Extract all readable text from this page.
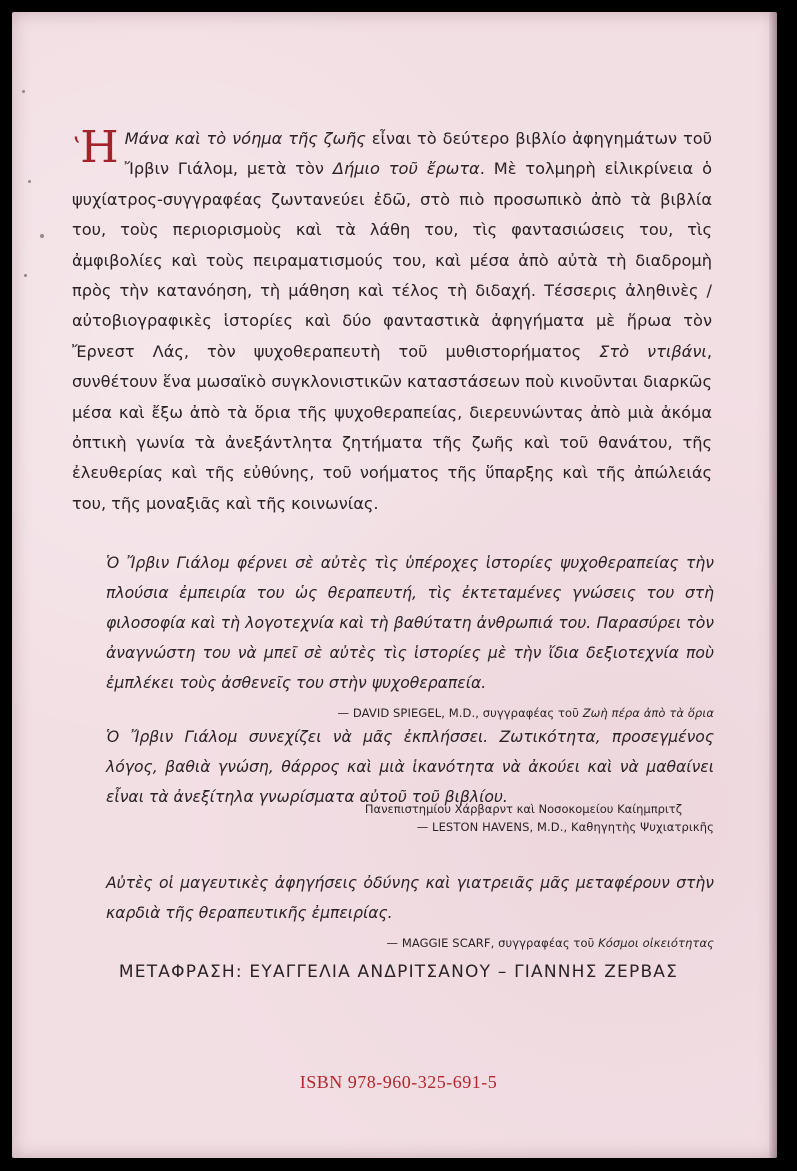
$^ʽ$Η Μάνα καὶ τὸ νόημα τῆς ζωῆς εἶναι τὸ δεύτερο βιβλίο ἀφηγημάτων τοῦ Ἴρβιν Γιάλομ, μετὰ τὸν Δήμιο τοῦ ἔρωτα. Μὲ τολμηρὴ εἰλικρίνεια ὁ ψυχίατρος-συγγραφέας ζωντανεύει ἐδῶ, στὸ πιὸ προσωπικὸ ἀπὸ τὰ βιβλία του, τοὺς περιορισμοὺς καὶ τὰ λάθη του, τὶς φαντασιώσεις του, τὶς ἀμφιβολίες καὶ τοὺς πειραματισμούς του, καὶ μέσα ἀπὸ αὐτὰ τὴ διαδρομὴ πρὸς τὴν κατανόηση, τὴ μάθηση καὶ τέλος τὴ διδαχή. Τέσσερις ἀληθινὲς / αὐτοβιογραφικὲς ἱστορίες καὶ δύο φανταστικὰ ἀφηγήματα μὲ ἥρωα τὸν Ἔρνεστ Λάς, τὸν ψυχοθεραπευτὴ τοῦ μυθιστορήματος Στὸ ντιβάνι, συνθέτουν ἕνα μωσαϊκὸ συγκλονιστικῶν καταστάσεων ποὺ κινοῦνται διαρκῶς μέσα καὶ ἔξω ἀπὸ τὰ ὅρια τῆς ψυχοθεραπείας, διερευνώντας ἀπὸ μιὰ ἀκόμα ὀπτικὴ γωνία τὰ ἀνεξάντλητα ζητήματα τῆς ζωῆς καὶ τοῦ θανάτου, τῆς ἐλευθερίας καὶ τῆς εὐθύνης, τοῦ νοήματος τῆς ὕπαρξης καὶ τῆς ἀπώλειάς του, τῆς μοναξιᾶς καὶ τῆς κοινωνίας.

Ὁ Ἴρβιν Γιάλομ φέρνει σὲ αὐτὲς τὶς ὑπέροχες ἱστορίες ψυχοθεραπείας τὴν πλούσια ἐμπειρία του ὡς θεραπευτή, τὶς ἐκτεταμένες γνώσεις του στὴ φιλοσοφία καὶ τὴ λογοτεχνία καὶ τὴ βαθύτατη ἀνθρωπιά του. Παρασύρει τὸν ἀναγνώστη του νὰ μπεῖ σὲ αὐτὲς τὶς ἱστορίες μὲ τὴν ἴδια δεξιοτεχνία ποὺ ἐμπλέκει τοὺς ἀσθενεῖς του στὴν ψυχοθεραπεία.
— DAVID SPIEGEL, M.D., συγγραφέας τοῦ Ζωὴ πέρα ἀπὸ τὰ ὅρια

Ὁ Ἴρβιν Γιάλομ συνεχίζει νὰ μᾶς ἐκπλήσσει. Ζωτικότητα, προσεγμένος λόγος, βαθιὰ γνώση, θάρρος καὶ μιὰ ἱκανότητα νὰ ἀκούει καὶ νὰ μαθαίνει εἶναι τὰ ἀνεξίτηλα γνωρίσματα αὐτοῦ τοῦ βιβλίου.
— LESTON HAVENS, M.D., Καθηγητὴς Ψυχιατρικῆς

Πανεπιστημίου Χάρβαρντ καὶ Νοσοκομείου Καίημπριτζ

Αὐτὲς οἱ μαγευτικὲς ἀφηγήσεις ὀδύνης καὶ γιατρειᾶς μᾶς μεταφέρουν στὴν καρδιὰ τῆς θεραπευτικῆς ἐμπειρίας.
— MAGGIE SCARF, συγγραφέας τοῦ Κόσμοι οἰκειότητας

ΜΕΤΑΦΡΑΣΗ: ΕΥΑΓΓΕΛΙΑ ΑΝΔΡΙΤΣΑΝΟΥ – ΓΙΑΝΝΗΣ ΖΕΡΒΑΣ
ISBN 978-960-325-691-5
